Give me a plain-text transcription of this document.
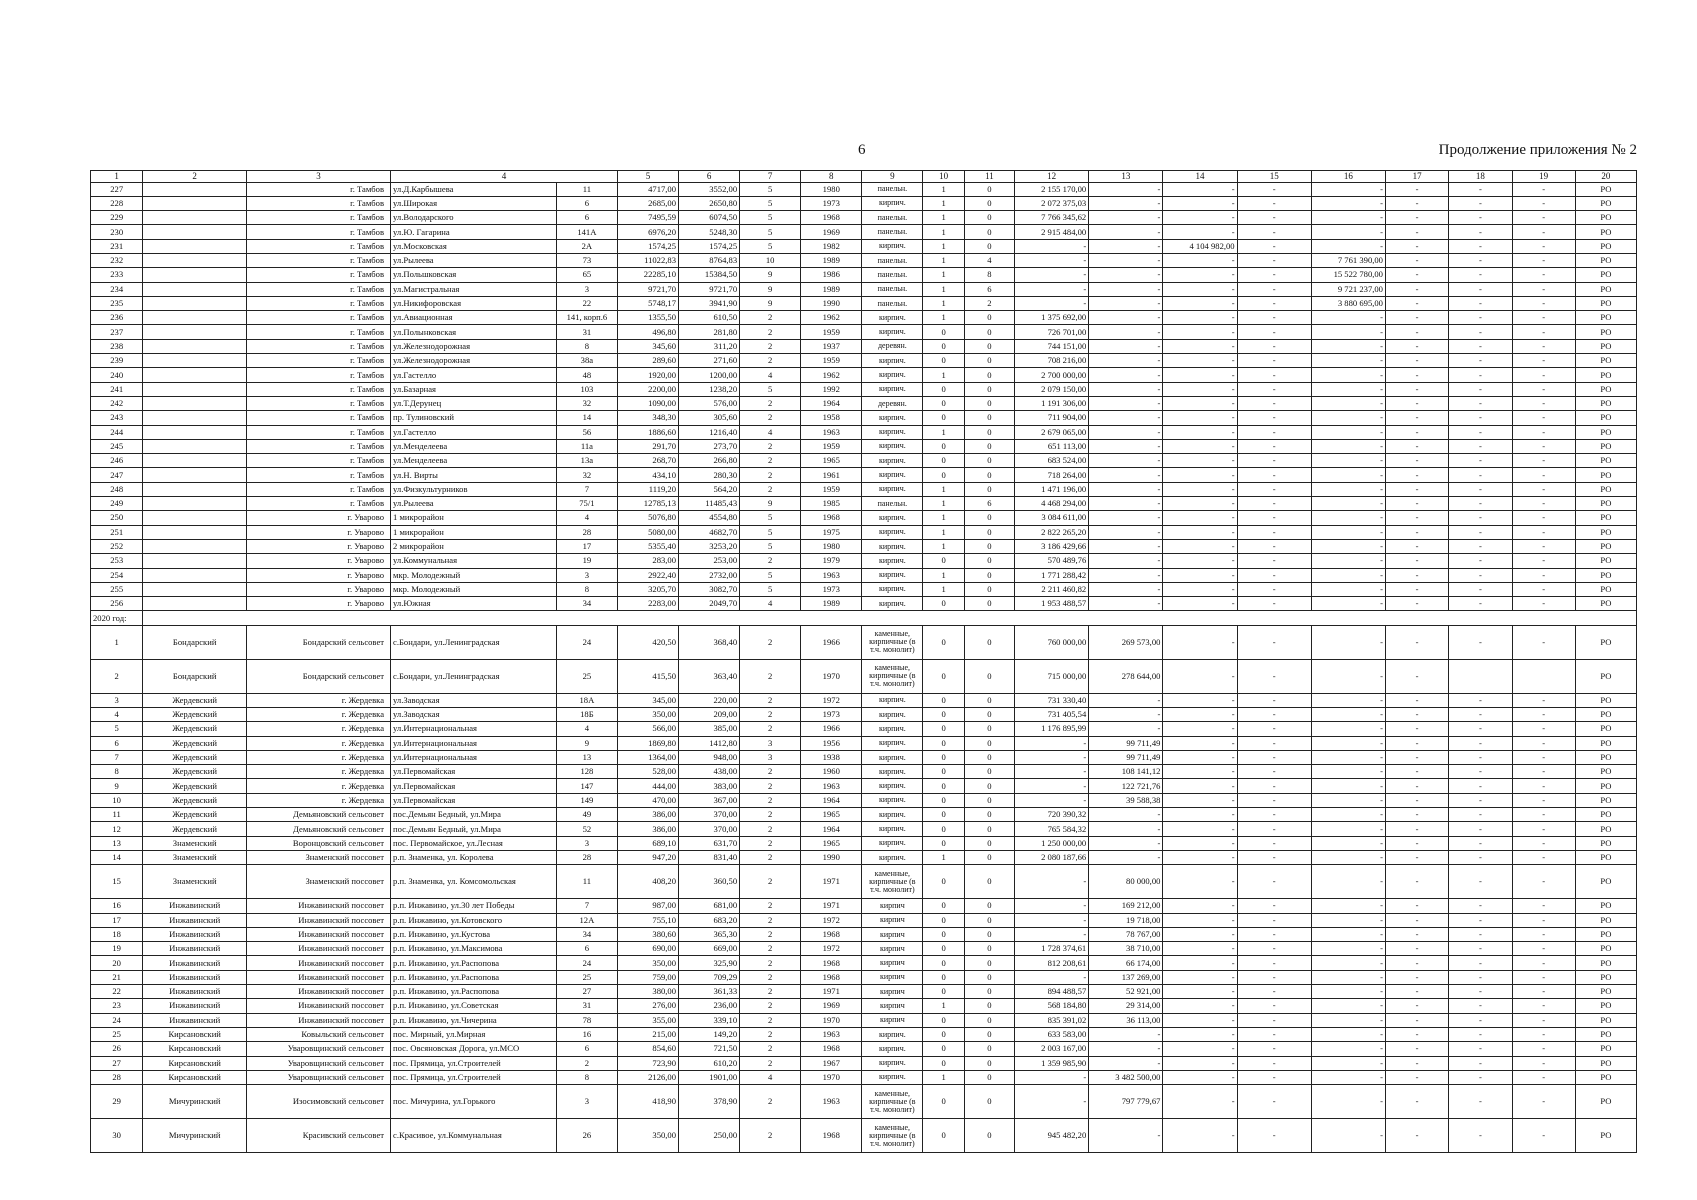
6	Продолжение приложения № 2
1	2	3	4		5	6	7	8	9	10	11	12	13	14	15	16	17	18	19	20
227		г. Тамбов	ул.Д.Карбышева	11	4717,00	3552,00	5	1980	панельн.	1	0	2 155 170,00	-	-	-	-	-	-	-	РО
228		г. Тамбов	ул.Широкая	6	2685,00	2650,80	5	1973	кирпич.	1	0	2 072 375,03	-	-	-	-	-	-	-	РО
229		г. Тамбов	ул.Володарского	6	7495,59	6074,50	5	1968	панельн.	1	0	7 766 345,62	-	-	-	-	-	-	-	РО
230		г. Тамбов	ул.Ю. Гагарина	141А	6976,20	5248,30	5	1969	панельн.	1	0	2 915 484,00	-	-	-	-	-	-	-	РО
231		г. Тамбов	ул.Московская	2А	1574,25	1574,25	5	1982	кирпич.	1	0	-	-	4 104 982,00	-	-	-	-	-	РО
232		г. Тамбов	ул.Рылеева	73	11022,83	8764,83	10	1989	панельн.	1	4	-	-	-	-	7 761 390,00	-	-	-	РО
233		г. Тамбов	ул.Польшковская	65	22285,10	15384,50	9	1986	панельн.	1	8	-	-	-	-	15 522 780,00	-	-	-	РО
234		г. Тамбов	ул.Магистральная	3	9721,70	9721,70	9	1989	панельн.	1	6	-	-	-	-	9 721 237,00	-	-	-	РО
235		г. Тамбов	ул.Никифоровская	22	5748,17	3941,90	9	1990	панельн.	1	2	-	-	-	-	3 880 695,00	-	-	-	РО
236		г. Тамбов	ул.Авиационная	141, корп.6	1355,50	610,50	2	1962	кирпич.	1	0	1 375 692,00	-	-	-	-	-	-	-	РО
237		г. Тамбов	ул.Полынковская	31	496,80	281,80	2	1959	кирпич.	0	0	726 701,00	-	-	-	-	-	-	-	РО
238		г. Тамбов	ул.Железнодорожная	8	345,60	311,20	2	1937	деревян.	0	0	744 151,00	-	-	-	-	-	-	-	РО
239		г. Тамбов	ул.Железнодорожная	38а	289,60	271,60	2	1959	кирпич.	0	0	708 216,00	-	-	-	-	-	-	-	РО
240		г. Тамбов	ул.Гастелло	48	1920,00	1200,00	4	1962	кирпич.	1	0	2 700 000,00	-	-	-	-	-	-	-	РО
241		г. Тамбов	ул.Базарная	103	2200,00	1238,20	5	1992	кирпич.	0	0	2 079 150,00	-	-	-	-	-	-	-	РО
242		г. Тамбов	ул.Т.Дерунец	32	1090,00	576,00	2	1964	деревян.	0	0	1 191 306,00	-	-	-	-	-	-	-	РО
243		г. Тамбов	пр. Тулиновский	14	348,30	305,60	2	1958	кирпич.	0	0	711 904,00	-	-	-	-	-	-	-	РО
244		г. Тамбов	ул.Гастелло	56	1886,60	1216,40	4	1963	кирпич.	1	0	2 679 065,00	-	-	-	-	-	-	-	РО
245		г. Тамбов	ул.Менделеева	11а	291,70	273,70	2	1959	кирпич.	0	0	651 113,00	-	-	-	-	-	-	-	РО
246		г. Тамбов	ул.Менделеева	13а	268,70	266,80	2	1965	кирпич.	0	0	683 524,00	-	-	-	-	-	-	-	РО
247		г. Тамбов	ул.Н. Вирты	32	434,10	280,30	2	1961	кирпич.	0	0	718 264,00	-	-	-	-	-	-	-	РО
248		г. Тамбов	ул.Физкультурников	7	1119,20	564,20	2	1959	кирпич.	1	0	1 471 196,00	-	-	-	-	-	-	-	РО
249		г. Тамбов	ул.Рылеева	75/1	12785,13	11485,43	9	1985	панельн.	1	6	4 468 294,00	-	-	-	-	-	-	-	РО
250		г. Уварово	1 микрорайон	4	5076,80	4554,80	5	1968	кирпич.	1	0	3 084 611,00	-	-	-	-	-	-	-	РО
251		г. Уварово	1 микрорайон	28	5080,00	4682,70	5	1975	кирпич.	1	0	2 822 265,20	-	-	-	-	-	-	-	РО
252		г. Уварово	2 микрорайон	17	5355,40	3253,20	5	1980	кирпич.	1	0	3 186 429,66	-	-	-	-	-	-	-	РО
253		г. Уварово	ул.Коммунальная	19	283,00	253,00	2	1979	кирпич.	0	0	570 489,76	-	-	-	-	-	-	-	РО
254		г. Уварово	мкр. Молодежный	3	2922,40	2732,00	5	1963	кирпич.	1	0	1 771 288,42	-	-	-	-	-	-	-	РО
255		г. Уварово	мкр. Молодежный	8	3205,70	3082,70	5	1973	кирпич.	1	0	2 211 460,82	-	-	-	-	-	-	-	РО
256		г. Уварово	ул.Южная	34	2283,00	2049,70	4	1989	кирпич.	0	0	1 953 488,57	-	-	-	-	-	-	-	РО
2020 год:																				
1	Бондарский	Бондарский сельсовет	с.Бондари, ул.Ленинградская	24	420,50	368,40	2	1966	каменные, кирпичные (в т.ч. монолит)	0	0	760 000,00	269 573,00	-	-	-	-	-	-	РО
2	Бондарский	Бондарский сельсовет	с.Бондари, ул.Ленинградская	25	415,50	363,40	2	1970	каменные, кирпичные (в т.ч. монолит)	0	0	715 000,00	278 644,00	-	-	-	-			РО
3	Жердевский	г. Жердевка	ул.Заводская	18А	345,00	220,00	2	1972	кирпич.	0	0	731 330,40	-	-	-	-	-	-	-	РО
4	Жердевский	г. Жердевка	ул.Заводская	18Б	350,00	209,00	2	1973	кирпич.	0	0	731 405,54	-	-	-	-	-	-	-	РО
5	Жердевский	г. Жердевка	ул.Интернациональная	4	566,00	385,00	2	1966	кирпич.	0	0	1 176 895,99	-	-	-	-	-	-	-	РО
6	Жердевский	г. Жердевка	ул.Интернациональная	9	1869,80	1412,80	3	1956	кирпич.	0	0	-	99 711,49	-	-	-	-	-	-	РО
7	Жердевский	г. Жердевка	ул.Интернациональная	13	1364,00	948,00	3	1938	кирпич.	0	0	-	99 711,49	-	-	-	-	-	-	РО
8	Жердевский	г. Жердевка	ул.Первомайская	128	528,00	438,00	2	1960	кирпич.	0	0	-	108 141,12	-	-	-	-	-	-	РО
9	Жердевский	г. Жердевка	ул.Первомайская	147	444,00	383,00	2	1963	кирпич.	0	0	-	122 721,76	-	-	-	-	-	-	РО
10	Жердевский	г. Жердевка	ул.Первомайская	149	470,00	367,00	2	1964	кирпич.	0	0	-	39 588,38	-	-	-	-	-	-	РО
11	Жердевский	Демьяновский сельсовет	пос.Демьян Бедный, ул.Мира	49	386,00	370,00	2	1965	кирпич.	0	0	720 390,32	-	-	-	-	-	-	-	РО
12	Жердевский	Демьяновский сельсовет	пос.Демьян Бедный, ул.Мира	52	386,00	370,00	2	1964	кирпич.	0	0	765 584,32	-	-	-	-	-	-	-	РО
13	Знаменский	Воронцовский сельсовет	пос. Первомайское, ул.Лесная	3	689,10	631,70	2	1965	кирпич.	0	0	1 250 000,00	-	-	-	-	-	-	-	РО
14	Знаменский	Знаменский поссовет	р.п. Знаменка, ул. Королева	28	947,20	831,40	2	1990	кирпич.	1	0	2 080 187,66	-	-	-	-	-	-	-	РО
15	Знаменский	Знаменский поссовет	р.п. Знаменка, ул. Комсомольская	11	408,20	360,50	2	1971	каменные, кирпичные (в т.ч. монолит)	0	0	-	80 000,00	-	-	-	-	-	-	РО
16	Инжавинский	Инжавинский поссовет	р.п. Инжавино, ул.30 лет Победы	7	987,00	681,00	2	1971	кирпич	0	0	-	169 212,00	-	-	-	-	-	-	РО
17	Инжавинский	Инжавинский поссовет	р.п. Инжавино, ул.Котовского	12А	755,10	683,20	2	1972	кирпич	0	0	-	19 718,00	-	-	-	-	-	-	РО
18	Инжавинский	Инжавинский поссовет	р.п. Инжавино, ул.Кустова	34	380,60	365,30	2	1968	кирпич	0	0	-	78 767,00	-	-	-	-	-	-	РО
19	Инжавинский	Инжавинский поссовет	р.п. Инжавино, ул.Максимова	6	690,00	669,00	2	1972	кирпич	0	0	1 728 374,61	38 710,00	-	-	-	-	-	-	РО
20	Инжавинский	Инжавинский поссовет	р.п. Инжавино, ул.Распопова	24	350,00	325,90	2	1968	кирпич	0	0	812 208,61	66 174,00	-	-	-	-	-	-	РО
21	Инжавинский	Инжавинский поссовет	р.п. Инжавино, ул.Распопова	25	759,00	709,29	2	1968	кирпич	0	0	-	137 269,00	-	-	-	-	-	-	РО
22	Инжавинский	Инжавинский поссовет	р.п. Инжавино, ул.Распопова	27	380,00	361,33	2	1971	кирпич	0	0	894 488,57	52 921,00	-	-	-	-	-	-	РО
23	Инжавинский	Инжавинский поссовет	р.п. Инжавино, ул.Советская	31	276,00	236,00	2	1969	кирпич	1	0	568 184,80	29 314,00	-	-	-	-	-	-	РО
24	Инжавинский	Инжавинский поссовет	р.п. Инжавино, ул.Чичерина	78	355,00	339,10	2	1970	кирпич	0	0	835 391,02	36 113,00	-	-	-	-	-	-	РО
25	Кирсановский	Ковыльский сельсовет	пос. Мирный, ул.Мирная	16	215,00	149,20	2	1963	кирпич.	0	0	633 583,00	-	-	-	-	-	-	-	РО
26	Кирсановский	Уваровщинский сельсовет	пос. Овсяновская Дорога, ул.МСО	6	854,60	721,50	2	1968	кирпич.	0	0	2 003 167,00	-	-	-	-	-	-	-	РО
27	Кирсановский	Уваровщинский сельсовет	пос. Прямица, ул.Строителей	2	723,90	610,20	2	1967	кирпич.	0	0	1 359 985,90	-	-	-	-	-	-	-	РО
28	Кирсановский	Уваровщинский сельсовет	пос. Прямица, ул.Строителей	8	2126,00	1901,00	4	1970	кирпич.	1	0	-	3 482 500,00	-	-	-	-	-	-	РО
29	Мичуринский	Изосимовский сельсовет	пос. Мичурина, ул.Горького	3	418,90	378,90	2	1963	каменные, кирпичные (в т.ч. монолит)	0	0	-	797 779,67	-	-	-	-	-	-	РО
30	Мичуринский	Красивский сельсовет	с.Красивое, ул.Коммунальная	26	350,00	250,00	2	1968	каменные, кирпичные (в т.ч. монолит)	0	0	945 482,20	-	-	-	-	-	-	-	РО
